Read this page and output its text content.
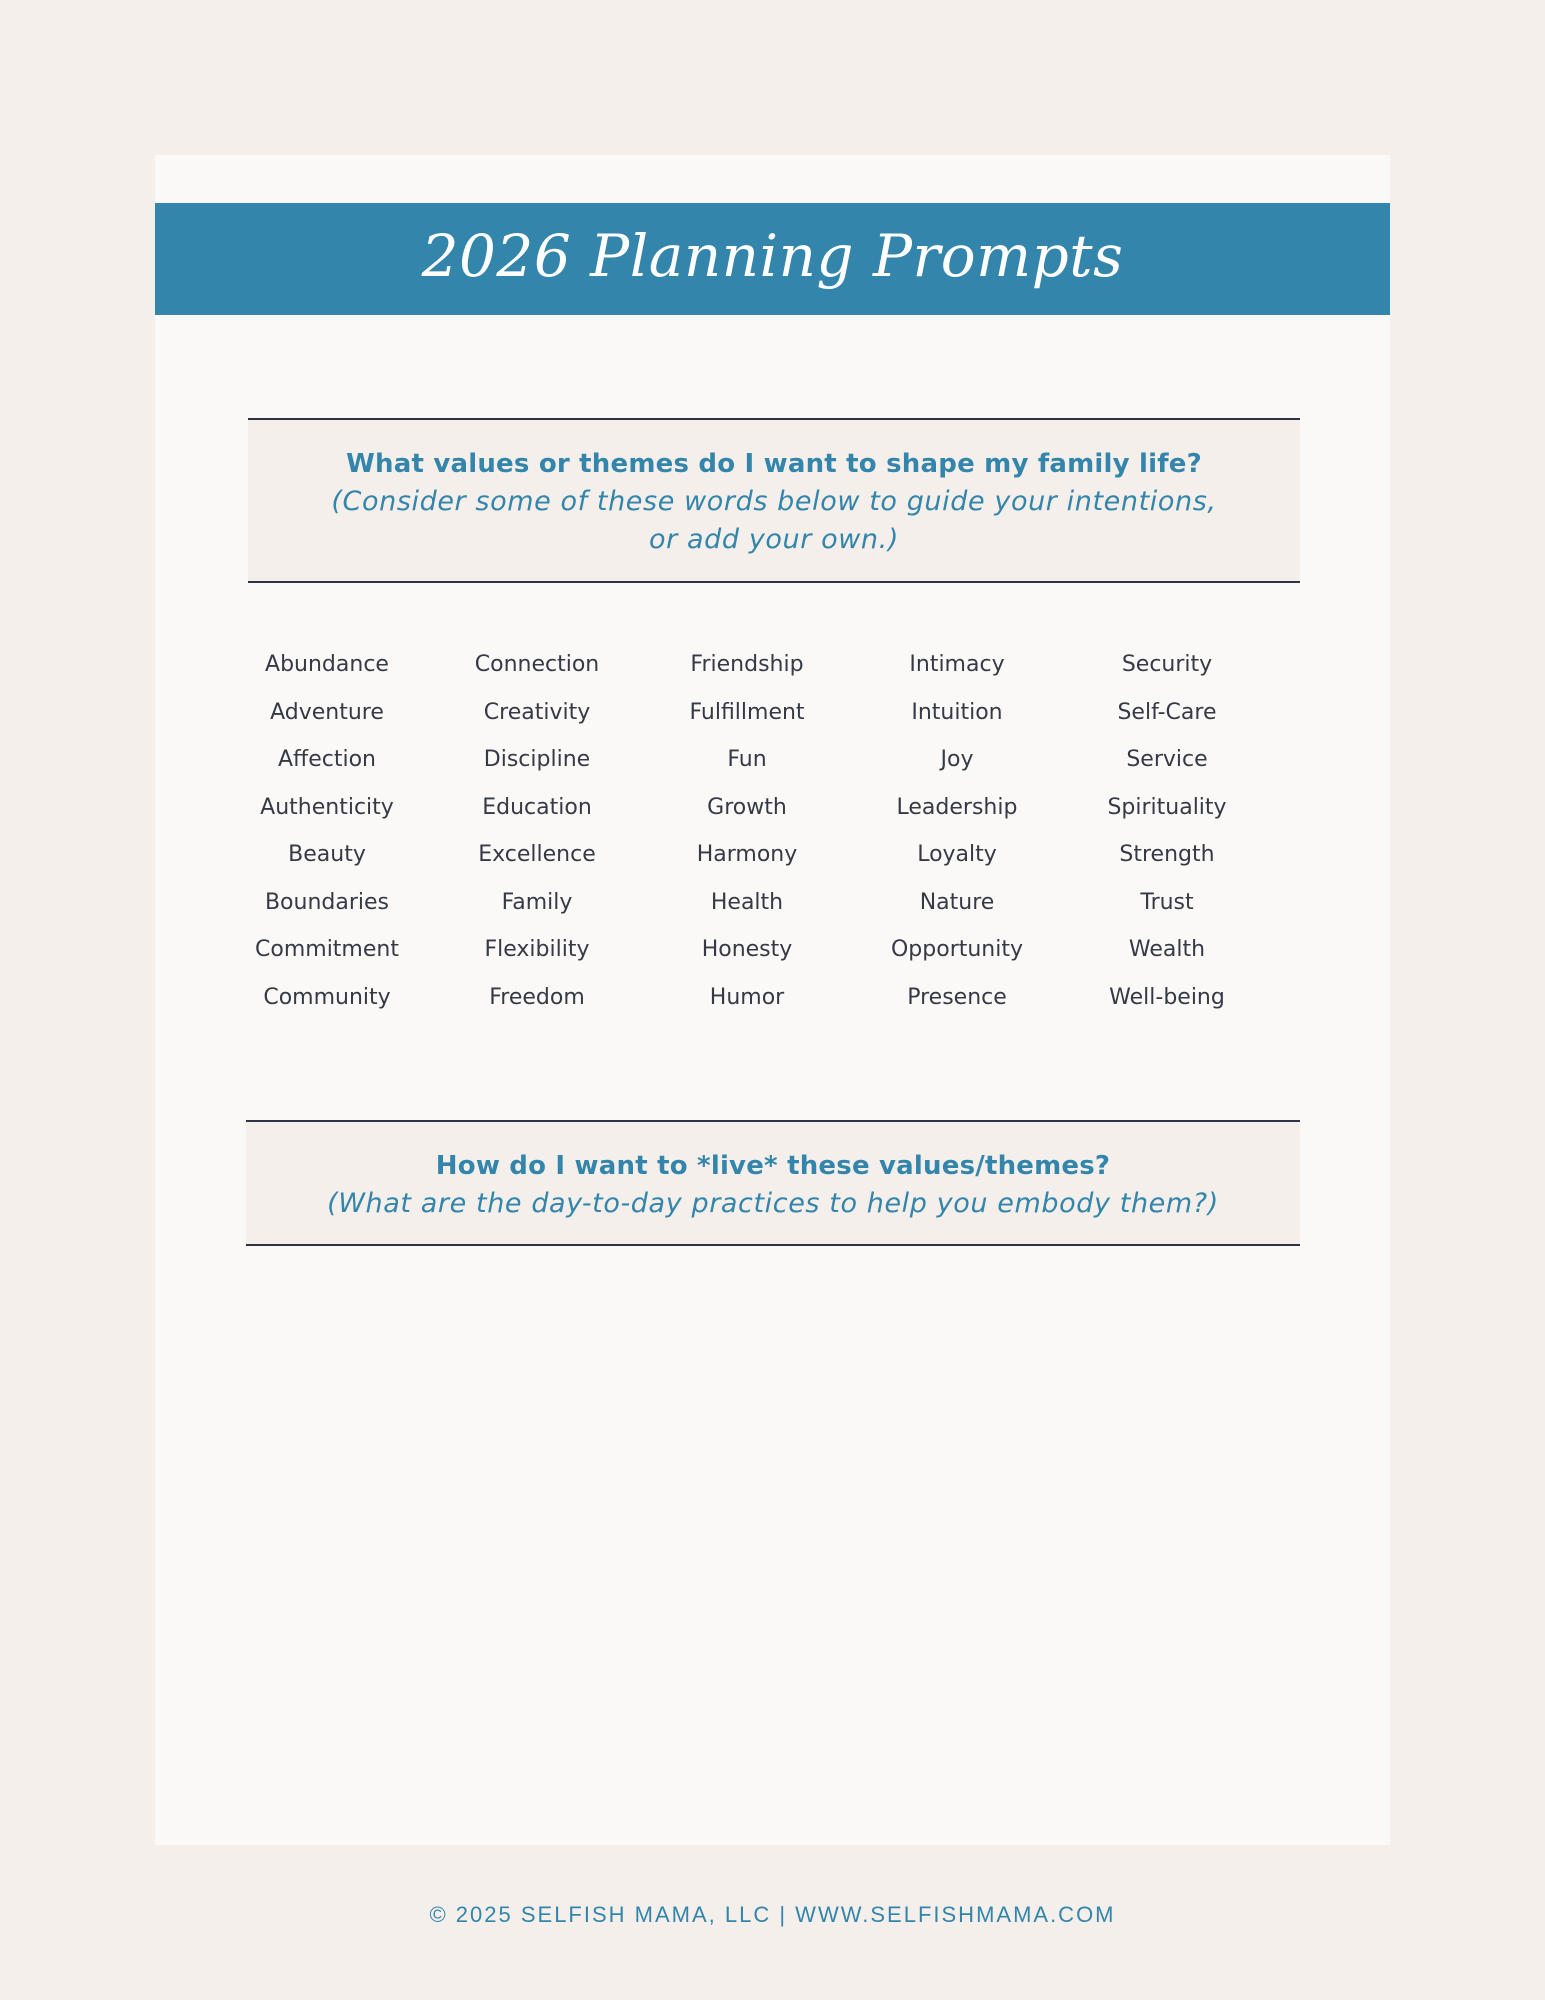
2026 Planning Prompts
What values or themes do I want to shape my family life?
(Consider some of these words below to guide your intentions,
or add your own.)
Abundance	Connection	Friendship	Intimacy	Security
Adventure	Creativity	Fulfillment	Intuition	Self-Care
Affection	Discipline	Fun	Joy	Service
Authenticity	Education	Growth	Leadership	Spirituality
Beauty	Excellence	Harmony	Loyalty	Strength
Boundaries	Family	Health	Nature	Trust
Commitment	Flexibility	Honesty	Opportunity	Wealth
Community	Freedom	Humor	Presence	Well-being
How do I want to *live* these values/themes?
(What are the day-to-day practices to help you embody them?)
© 2025 SELFISH MAMA, LLC | WWW.SELFISHMAMA.COM
